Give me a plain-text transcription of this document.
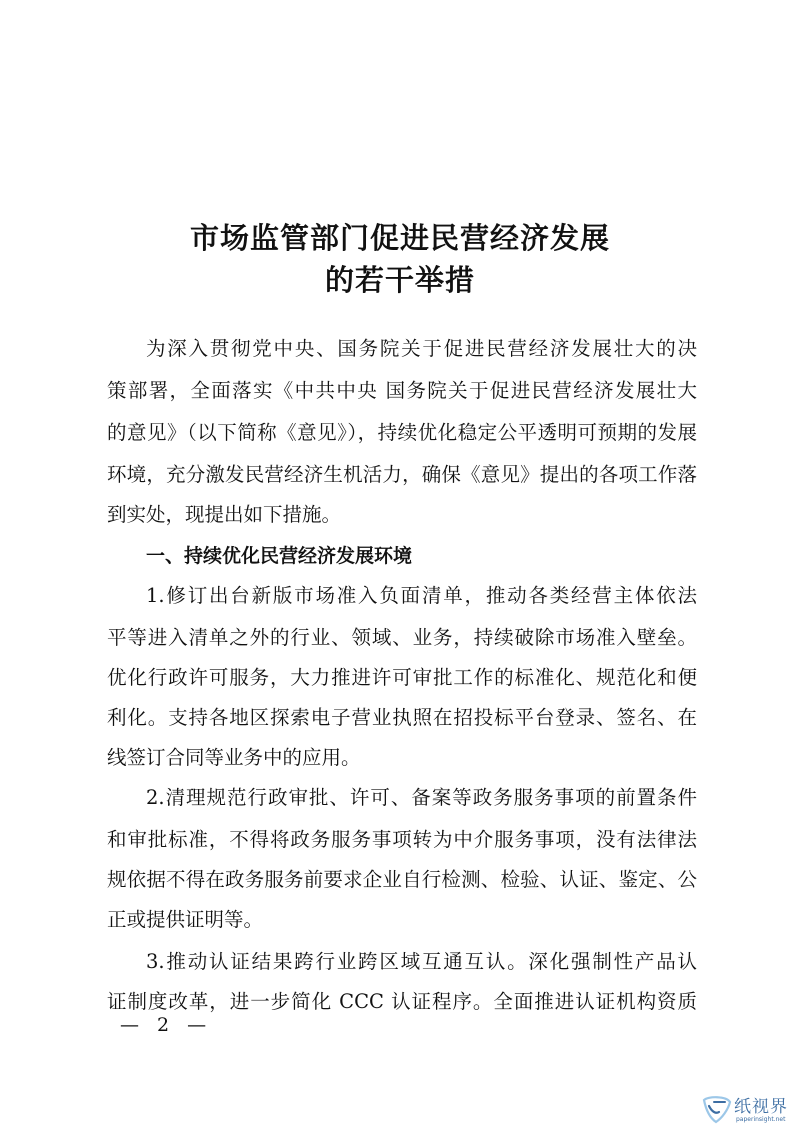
市场监管部门促进民营经济发展
的若干举措
为深入贯彻党中央、国务院关于促进民营经济发展壮大的决
策部署，全面落实《中共中央 国务院关于促进民营经济发展壮大
的意见》（以下简称《意见》），持续优化稳定公平透明可预期的发展
环境，充分激发民营经济生机活力，确保《意见》提出的各项工作落
到实处，现提出如下措施。
一、持续优化民营经济发展环境
1.修订出台新版市场准入负面清单，推动各类经营主体依法
平等进入清单之外的行业、领域、业务，持续破除市场准入壁垒。
优化行政许可服务，大力推进许可审批工作的标准化、规范化和便
利化。支持各地区探索电子营业执照在招投标平台登录、签名、在
线签订合同等业务中的应用。
2.清理规范行政审批、许可、备案等政务服务事项的前置条件
和审批标准，不得将政务服务事项转为中介服务事项，没有法律法
规依据不得在政务服务前要求企业自行检测、检验、认证、鉴定、公
正或提供证明等。
3.推动认证结果跨行业跨区域互通互认。深化强制性产品认
证制度改革，进一步简化 CCC 认证程序。全面推进认证机构资质
— 2 —
纸视界
paperinsight.net
